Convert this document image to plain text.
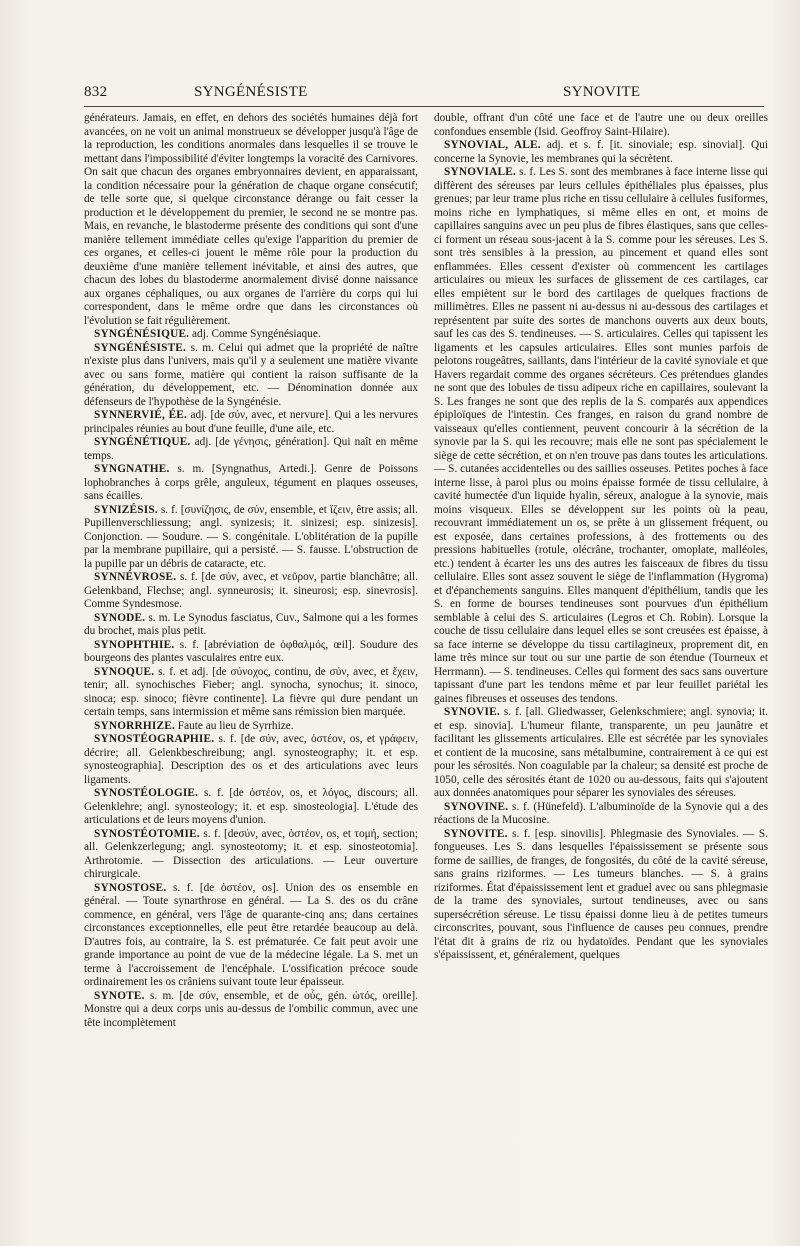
832	SYNGÉNÉSISTE	SYNOVITE

générateurs. Jamais, en effet, en dehors des sociétés humaines déjà fort avancées, on ne voit un animal monstrueux se développer jusqu'à l'âge de la reproduction, les conditions anormales dans lesquelles il se trouve le mettant dans l'impossibilité d'éviter longtemps la voracité des Carnivores. On sait que chacun des organes embryonnaires devient, en apparaissant, la condition nécessaire pour la génération de chaque organe consécutif; de telle sorte que, si quelque circonstance dérange ou fait cesser la production et le développement du premier, le second ne se montre pas. Mais, en revanche, le blastoderme présente des conditions qui sont d'une manière tellement immédiate celles qu'exige l'apparition du premier de ces organes, et celles-ci jouent le même rôle pour la production du deuxième d'une manière tellement inévitable, et ainsi des autres, que chacun des lobes du blastoderme anormalement divisé donne naissance aux organes céphaliques, ou aux organes de l'arrière du corps qui lui correspondent, dans le même ordre que dans les circonstances où l'évolution se fait régulièrement.

SYNGÉNÉSIQUE. adj. Comme Syngénésiaque.

SYNGÉNÉSISTE. s. m. Celui qui admet que la propriété de naître n'existe plus dans l'univers, mais qu'il y a seulement une matière vivante avec ou sans forme, matière qui contient la raison suffisante de la génération, du développement, etc. — Dénomination donnée aux défenseurs de l'hypothèse de la Syngénésie.

SYNNERVIÉ, ÉE. adj. [de σύν, avec, et nervure]. Qui a les nervures principales réunies au bout d'une feuille, d'une aile, etc.

SYNGÉNÉTIQUE. adj. [de γένησις, génération]. Qui naît en même temps.

SYNGNATHE. s. m. [Syngnathus, Artedi.]. Genre de Poissons lophobranches à corps grêle, anguleux, tégument en plaques osseuses, sans écailles.

SYNIZÉSIS. s. f. [συνίζησις, de σύν, ensemble, et ἵζειν, être assis; all. Pupillenverschliessung; angl. synizesis; it. sinizesi; esp. sinizesis]. Conjonction. — Soudure. — S. congénitale. L'oblitération de la pupille par la membrane pupillaire, qui a persisté. — S. fausse. L'obstruction de la pupille par un débris de cataracte, etc.

SYNNÉVROSE. s. f. [de σύν, avec, et νεῦρον, partie blanchâtre; all. Gelenkband, Flechse; angl. synneurosis; it. sineurosi; esp. sinevrosis]. Comme Syndesmose.

SYNODE. s. m. Le Synodus fasciatus, Cuv., Salmone qui a les formes du brochet, mais plus petit.

SYNOPHTHIE. s. f. [abréviation de ὀφθαλμός, œil]. Soudure des bourgeons des plantes vasculaires entre eux.

SYNOQUE. s. f. et adj. [de σύνοχος, continu, de σύν, avec, et ἔχειν, tenir; all. synochisches Fieber; angl. synocha, synochus; it. sinoco, sinoca; esp. sinoco; fièvre continente]. La fièvre qui dure pendant un certain temps, sans intermission et même sans rémission bien marquée.

SYNORRHIZE. Faute au lieu de Syrrhize.

SYNOSTÉOGRAPHIE. s. f. [de σύν, avec, ὀστέον, os, et γράφειν, décrire; all. Gelenkbeschreibung; angl. synosteography; it. et esp. synosteographia]. Description des os et des articulations avec leurs ligaments.

SYNOSTÉOLOGIE. s. f. [de ὀστέον, os, et λόγος, discours; all. Gelenklehre; angl. synosteology; it. et esp. sinosteologia]. L'étude des articulations et de leurs moyens d'union.

SYNOSTÉOTOMIE. s. f. [deσύν, avec, ὀστέον, os, et τομή, section; all. Gelenkzerlegung; angl. synosteotomy; it. et esp. sinosteotomia]. Arthrotomie. — Dissection des articulations. — Leur ouverture chirurgicale.

SYNOSTOSE. s. f. [de ὀστέον, os]. Union des os ensemble en général. — Toute synarthrose en général. — La S. des os du crâne commence, en général, vers l'âge de quarante-cinq ans; dans certaines circonstances exceptionnelles, elle peut être retardée beaucoup au delà. D'autres fois, au contraire, la S. est prématurée. Ce fait peut avoir une grande importance au point de vue de la médecine légale. La S. met un terme à l'accroissement de l'encéphale. L'ossification précoce soude ordinairement les os crâniens suivant toute leur épaisseur.

SYNOTE. s. m. [de σύν, ensemble, et de οὖς, gén. ὠτός, oreille]. Monstre qui a deux corps unis au-dessus de l'ombilic commun, avec une tête incomplètement

double, offrant d'un côté une face et de l'autre une ou deux oreilles confondues ensemble (Isid. Geoffroy Saint-Hilaire).

SYNOVIAL, ALE. adj. et s. f. [it. sinoviale; esp. sinovial]. Qui concerne la Synovie, les membranes qui la sécrètent.

SYNOVIALE. s. f. Les S. sont des membranes à face interne lisse qui diffèrent des séreuses par leurs cellules épithéliales plus épaisses, plus grenues; par leur trame plus riche en tissu cellulaire à cellules fusiformes, moins riche en lymphatiques, si même elles en ont, et moins de capillaires sanguins avec un peu plus de fibres élastiques, sans que celles-ci forment un réseau sous-jacent à la S. comme pour les séreuses. Les S. sont très sensibles à la pression, au pincement et quand elles sont enflammées. Elles cessent d'exister où commencent les cartilages articulaires ou mieux les surfaces de glissement de ces cartilages, car elles empiètent sur le bord des cartilages de quelques fractions de millimètres. Elles ne passent ni au-dessus ni au-dessous des cartilages et représentent par suite des sortes de manchons ouverts aux deux bouts, sauf les cas des S. tendineuses. — S. articulaires. Celles qui tapissent les ligaments et les capsules articulaires. Elles sont munies parfois de pelotons rougeâtres, saillants, dans l'intérieur de la cavité synoviale et que Havers regardait comme des organes sécréteurs. Ces prétendues glandes ne sont que des lobules de tissu adipeux riche en capillaires, soulevant la S. Les franges ne sont que des replis de la S. comparés aux appendices épiploïques de l'intestin. Ces franges, en raison du grand nombre de vaisseaux qu'elles contiennent, peuvent concourir à la sécrétion de la synovie par la S. qui les recouvre; mais elle ne sont pas spécialement le siège de cette sécrétion, et on n'en trouve pas dans toutes les articulations. — S. cutanées accidentelles ou des saillies osseuses. Petites poches à face interne lisse, à paroi plus ou moins épaisse formée de tissu cellulaire, à cavité humectée d'un liquide hyalin, séreux, analogue à la synovie, mais moins visqueux. Elles se développent sur les points où la peau, recouvrant immédiatement un os, se prête à un glissement fréquent, ou est exposée, dans certaines professions, à des frottements ou des pressions habituelles (rotule, olécrâne, trochanter, omoplate, malléoles, etc.) tendent à écarter les uns des autres les faisceaux de fibres du tissu cellulaire. Elles sont assez souvent le siège de l'inflammation (Hygroma) et d'épanchements sanguins. Elles manquent d'épithélium, tandis que les S. en forme de bourses tendineuses sont pourvues d'un épithélium semblable à celui des S. articulaires (Legros et Ch. Robin). Lorsque la couche de tissu cellulaire dans lequel elles se sont creusées est épaisse, à sa face interne se développe du tissu cartilagineux, proprement dit, en lame très mince sur tout ou sur une partie de son étendue (Tourneux et Herrmann). — S. tendineuses. Celles qui forment des sacs sans ouverture tapissant d'une part les tendons même et par leur feuillet pariétal les gaines fibreuses et osseuses des tendons.

SYNOVIE. s. f. [all. Gliedwasser, Gelenkschmiere; angl. synovia; it. et esp. sinovia]. L'humeur filante, transparente, un peu jaunâtre et facilitant les glissements articulaires. Elle est sécrétée par les synoviales et contient de la mucosine, sans métalbumine, contrairement à ce qui est pour les sérosités. Non coagulable par la chaleur; sa densité est proche de 1050, celle des sérosités étant de 1020 ou au-dessous, faits qui s'ajoutent aux données anatomiques pour séparer les synoviales des séreuses.

SYNOVINE. s. f. (Hünefeld). L'albuminoïde de la Synovie qui a des réactions de la Mucosine.

SYNOVITE. s. f. [esp. sinovilis]. Phlegmasie des Synoviales. — S. fongueuses. Les S. dans lesquelles l'épaississement se présente sous forme de saillies, de franges, de fongosités, du côté de la cavité séreuse, sans grains riziformes. — Les tumeurs blanches. — S. à grains riziformes. État d'épaississement lent et graduel avec ou sans phlegmasie de la trame des synoviales, surtout tendineuses, avec ou sans supersécrétion séreuse. Le tissu épaissi donne lieu à de petites tumeurs circonscrites, pouvant, sous l'influence de causes peu connues, prendre l'état dit à grains de riz ou hydatoïdes. Pendant que les synoviales s'épaississent, et, généralement, quelques
